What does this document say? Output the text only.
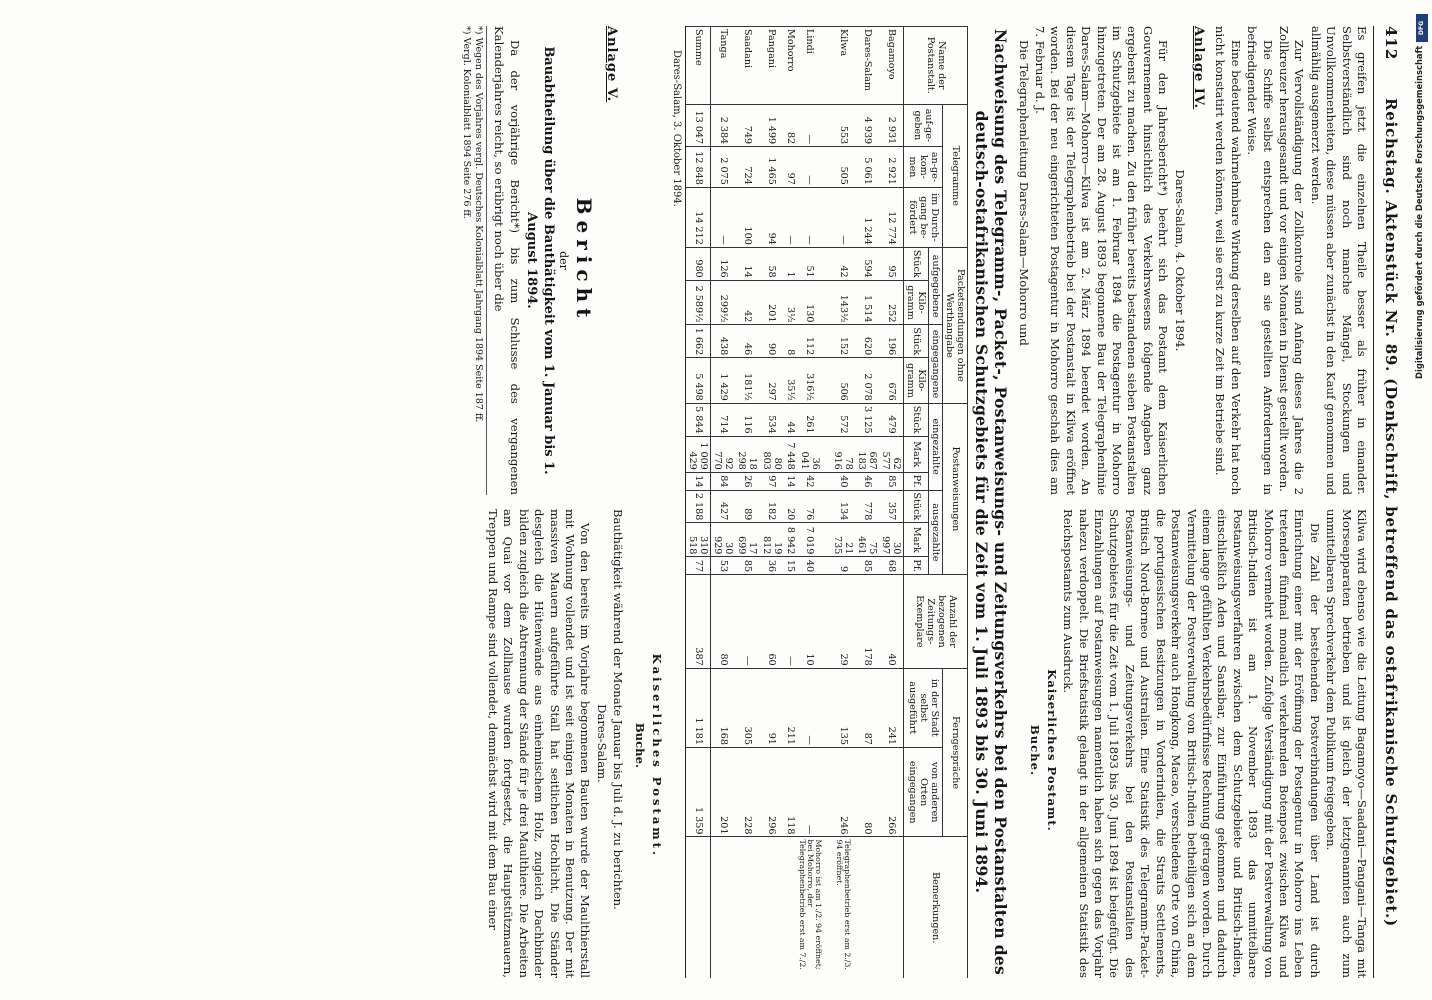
412
Reichstag. Aktenstück Nr. 89. (Denkschrift, betreffend das ostafrikanische Schutzgebiet.)

Es greifen jetzt die einzelnen Theile besser als früher in einander. Selbstverständlich sind noch manche Mängel, Stockungen und Unvollkommenheiten, diese müssen aber zunächst in den Kauf genommen und allmählig ausgemerzt werden.

Zur Vervollständigung der Zollkontrole sind Anfang dieses Jahres die 2 Zollkreuzer herausgesandt und vor einigen Monaten in Dienst gestellt worden.

Die Schiffe selbst entsprechen den an sie gestellten Anforderungen in befriedigender Weise.

Eine bedeutend wahrnehmbare Wirkung derselben auf den Verkehr hat noch nicht konstatirt werden können, weil sie erst zu kurze Zeit im Betriebe sind.

Anlage IV.

Dares-Salam, 4. Oktober 1894.

Für den Jahresbericht*) beehrt sich das Postamt dem Kaiserlichen Gouvernement hinsichtlich des Verkehrswesens folgende Angaben ganz ergebenst zu machen. Zu den früher bereits bestandenen sieben Postanstalten im Schutzgebiete ist am 1. Februar 1894 die Postagentur in Mohorro hinzugetreten. Der am 28. August 1893 begonnene Bau der Telegraphenlinie Dares-Salam—Mohorro—Kilwa ist am 2. März 1894 beendet worden. An diesem Tage ist der Telegraphenbetrieb bei der Postanstalt in Kilwa eröffnet worden. Bei der neu eingerichteten Postagentur in Mohorro geschah dies am 7. Februar d. J.

Die Telegraphenleitung Dares-Salam—Mohorro und

Kilwa wird ebenso wie die Leitung Bagamoyo—Saadani—Pangani—Tanga mit Morseapparaten betrieben und ist gleich der letztgenannten auch zum unmittelbaren Sprechverkehr dem Publikum freigegeben.

Die Zahl der bestehenden Postverbindungen über Land ist durch Einrichtung einer mit der Eröffnung der Postagentur in Mohorro ins Leben tretenden fünfmal monatlich verkehrenden Botenpost zwischen Kilwa und Mohorro vermehrt worden. Zufolge Verständigung mit der Postverwaltung von Britisch-Indien ist am 1. November 1893 das unmittelbare Postanweisungsverfahren zwischen dem Schutzgebiete und Britisch-Indien, einschließlich Aden und Sansibar, zur Einführung gekommen und dadurch einem lange gefühlten Verkehrsbedürfnisse Rechnung getragen worden. Durch Vermittelung der Postverwaltung von Britisch-Indien betheiligen sich an dem Postanweisungsverkehr auch Hongkong, Macao, verschiedene Orte von China, die portugiesischen Besitzungen in Vorderindien, die Straits Settlements, Britisch Nord-Borneo und Australien. Eine Statistik des Telegramm-Packet-Postanweisungs- und Zeitungsverkehrs bei den Postanstalten des Schutzgebietes für die Zeit vom 1. Juli 1893 bis 30. Juni 1894 ist beigefügt. Die Einzahlungen auf Postanweisungen namentlich haben sich gegen das Vorjahr nahezu verdoppelt. Die Briefstatistik gelangt in der allgemeinen Statistik des Reichspostamts zum Ausdruck.

Kaiserliches Postamt.

Buche.

Nachweisung des Telegramm-, Packet-, Postanweisungs- und Zeitungsverkehrs bei den Postanstalten des deutsch-ostafrikanischen Schutzgebiets für die Zeit vom 1. Juli 1893 bis 30. Juni 1894.
Name der Postanstalt.	Telegramme			Packetsendungen ohne Werthangabe				Postanweisungen						Anzahl der bezogenen Zeitungs-Exemplare	Ferngespräche		Bemerkungen.
	auf-ge-geben	an-ge-kom-men	im Durch-gang be-fördert	aufgegebene		eingegangene		eingezahlte			ausgezahlte				in der Stadt selbst ausgeführt	von anderen Orten eingegangen	
				Stück	Kilo-gramm	Stück	Kilo-gramm	Stück	Mark	Pf.	Stück	Mark	Pf.				
Bagamoyo	2 931	2 921	12 774	95	252	196	676	479	62 577	85	357	30 997	68	40	241	266	
Dares-Salam	4 939	5 061	1 244	594	1 514	620	2 078	3 125	687 183	46	778	75 461	85	178	87	80	
Kilwa	553	505	—	42	143½	152	506	572	78 916	40	134	21 735	9	29	135	246	Telegraphenbetrieb erst am 2./3. 94 eröffnet.

Lindi	—	—	—	51	130	112	316½	261	36 041	42	76	7 019	40	10	—	—	Mohorro ist am 1./2. 94 eröffnet; bei Mohorro, der Telegraphenbetrieb erst am 7./2.
Mohorro	82	97	—	1	3½	8	35½	44	7 448	14	20	8 942	15	—	211	118	
Pangani	1 499	1 465	94	58	201	90	297	534	80 803	97	182	19 812	36	60	91	296	
Saadani	749	724	100	14	42	46	181½	116	18 298	26	89	17 699	85	—	305	228	
Tanga	2 384	2 075	—	126	299½	438	1 429	714	92 770	84	427	30 929	53	80	168	201	
Summe	13 047	12 848	14 212	980	2 589½	1 662	5 498	5 844	1 009 429	14	2 188	310 518	77	387	1 181	1 359	
Dares-Salam, 3. Oktober 1894.
Kaiserliches Postamt.
Buche.
Anlage V.
Bericht
der
Bauabtheilung über die Bauthätigkeit vom 1. Januar bis 1. August 1894.

Da der vorjährige Bericht*) bis zum Schlusse des vergangenen Kalenderjahres reicht, so erübrigt noch über die

*) Wegen des Vorjahres vergl. Deutsches Kolonialblatt Jahrgang 1894 Seite 187 ff.

*) Vergl. Kolonialblatt 1894 Seite 276 ff.

Bauthätigkeit während der Monate Januar bis Juli d. J. zu berichten.

Dares-Salam.

Von den bereits im Vorjahre begonnenen Bauten wurde der Maulthierstall mit Wohnung vollendet und ist seit einigen Monaten in Benutzung. Der mit massiven Mauern aufgeführte Stall hat seitlichen Hochlicht. Die Ständer desgleich die Hütenwände aus einheimischem Holz, zugleich Dachbinder bilden zugleich die Abtrennung der Stände für je drei Maulthiere. Die Arbeiten am Quai vor dem Zollhause wurden fortgesetzt, die Hauptstützmauern, Treppen und Rampe sind vollendet, demnächst wird mit dem Bau einer

DFG
Digitalisierung gefördert durch die Deutsche Forschungsgemeinschaft
